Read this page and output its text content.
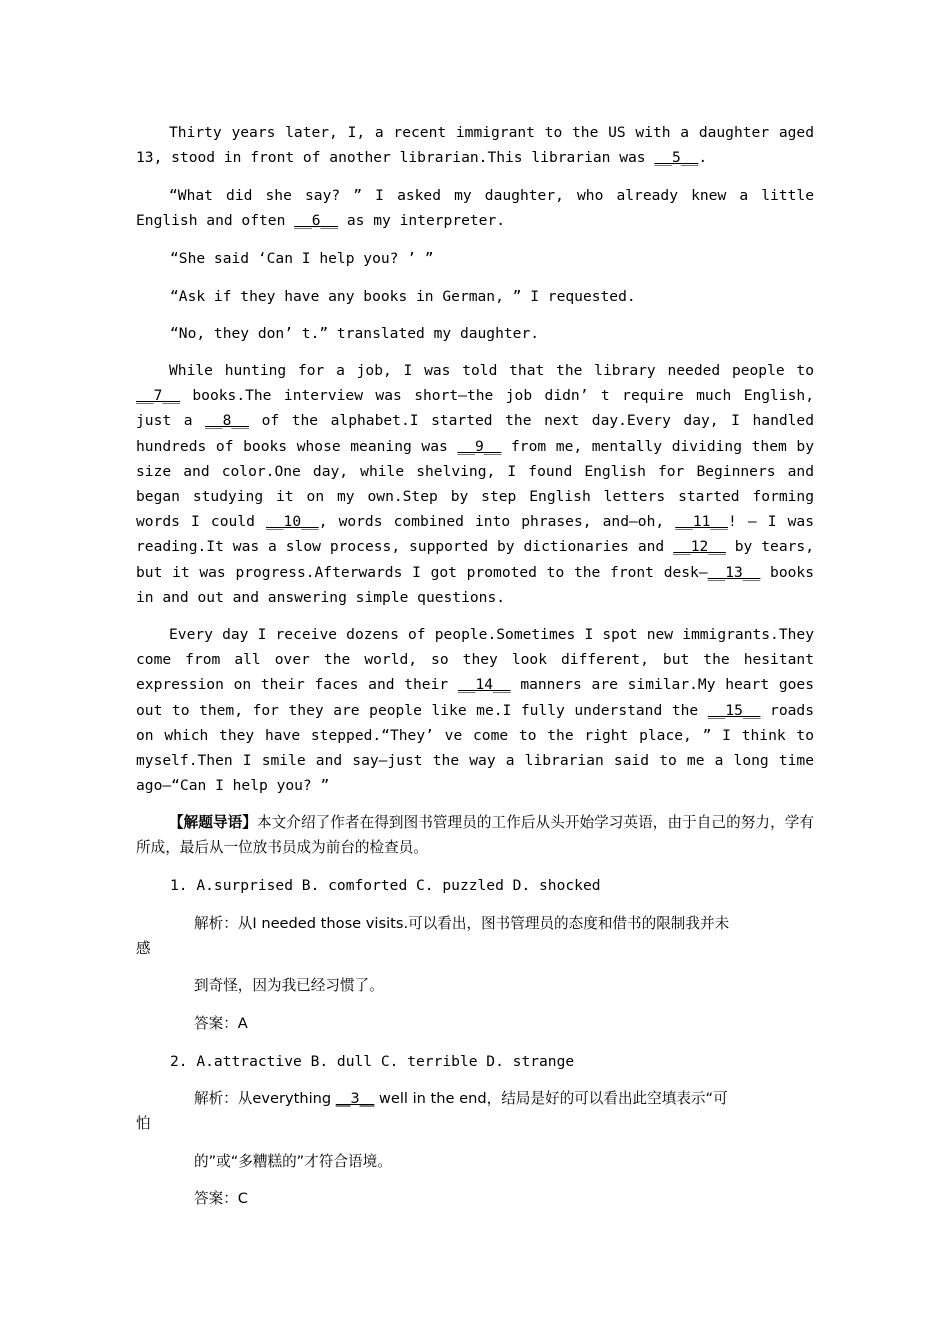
Thirty years later, I, a recent immigrant to the US with a daughter aged 13, stood in front of another librarian.This librarian was __5__.

“What did she say? ” I asked my daughter, who already knew a little English and often __6__ as my interpreter.

“She said ‘Can I help you? ’ ”

“Ask if they have any books in German, ” I requested.

“No, they don’ t.” translated my daughter.

While hunting for a job, I was told that the library needed people to __7__ books.The interview was short—the job didn’ t require much English, just a __8__ of the alphabet.I started the next day.Every day, I handled hundreds of books whose meaning was __9__ from me, mentally dividing them by size and color.One day, while shelving, I found English for Beginners and began studying it on my own.Step by step English letters started forming words I could __10__, words combined into phrases, and—oh, __11__! — I was reading.It was a slow process, supported by dictionaries and __12__ by tears, but it was progress.Afterwards I got promoted to the front desk—__13__ books in and out and answering simple questions.

Every day I receive dozens of people.Sometimes I spot new immigrants.They come from all over the world, so they look different, but the hesitant expression on their faces and their __14__ manners are similar.My heart goes out to them, for they are people like me.I fully understand the __15__ roads on which they have stepped.“They’ ve come to the right place, ” I think to myself.Then I smile and say—just the way a librarian said to me a long time ago—“Can I help you? ”

【解题导语】本文介绍了作者在得到图书管理员的工作后从头开始学习英语，由于自己的努力，学有所成，最后从一位放书员成为前台的检查员。

1. A.surprised B. comforted C. puzzled D. shocked

解析：从I needed those visits.可以看出，图书管理员的态度和借书的限制我并未

感

到奇怪，因为我已经习惯了。

答案：A

2. A.attractive B. dull C. terrible D. strange

解析：从everything __3__ well in the end，结局是好的可以看出此空填表示“可

怕

的”或“多糟糕的”才符合语境。

答案：C
